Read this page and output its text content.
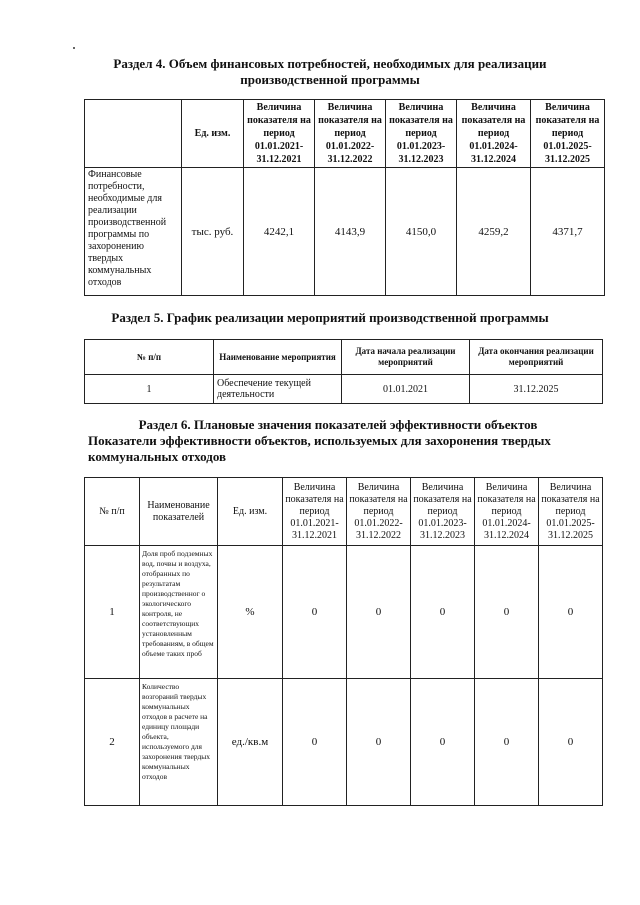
Раздел 4. Объем финансовых потребностей, необходимых для реализации
производственной программы
	Ед. изм.	Величина показателя на период 01.01.2021-31.12.2021	Величина показателя на период 01.01.2022-31.12.2022	Величина показателя на период 01.01.2023-31.12.2023	Величина показателя на период 01.01.2024-31.12.2024	Величина показателя на период 01.01.2025-31.12.2025
Финансовые потребности, необходимые для реализации производственной программы по захоронению твердых коммунальных отходов	тыс. руб.	4242,1	4143,9	4150,0	4259,2	4371,7
Раздел 5. График реализации мероприятий производственной программы
№ п/п	Наименование мероприятия	Дата начала реализации мероприятий	Дата окончания реализации мероприятий
1	Обеспечение текущей деятельности	01.01.2021	31.12.2025
Раздел 6. Плановые значения показателей эффективности объектов
Показатели эффективности объектов, используемых для захоронения твердых
коммунальных отходов
№ п/п	Наименование показателей	Ед. изм.	Величина показателя на период 01.01.2021-31.12.2021	Величина показателя на период 01.01.2022-31.12.2022	Величина показателя на период 01.01.2023-31.12.2023	Величина показателя на период 01.01.2024-31.12.2024	Величина показателя на период 01.01.2025-31.12.2025
1	Доля проб подземных вод, почвы и воздуха, отобранных по результатам производственног о экологического контроля, не соответствующих установленным требованиям, в общем объеме таких проб	%	0	0	0	0	0
2	Количество возгораний твердых коммунальных отходов в расчете на единицу площади объекта, используемого для захоронения твердых коммунальных отходов	ед./кв.м	0	0	0	0	0
